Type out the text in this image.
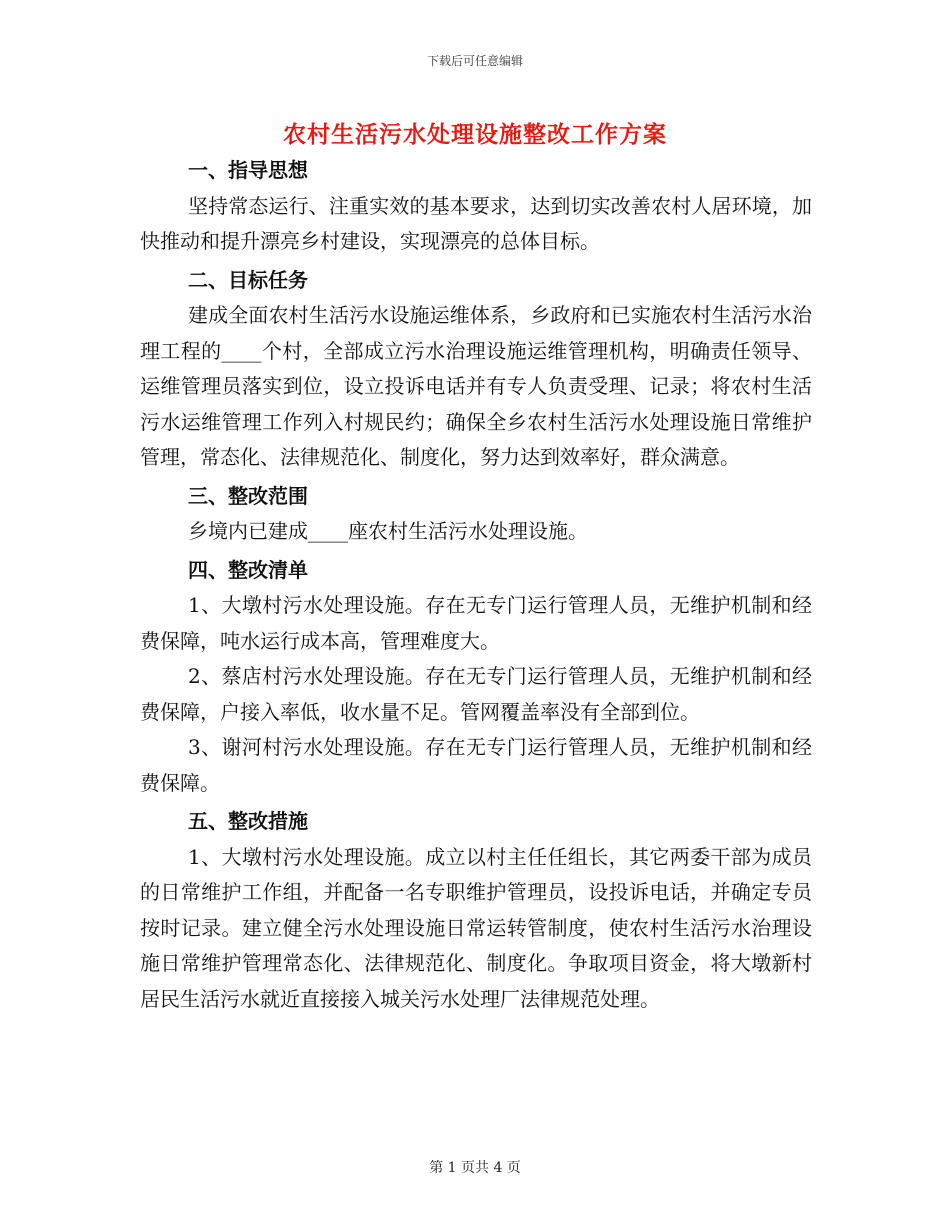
下载后可任意编辑
农村生活污水处理设施整改工作方案

一、指导思想

坚持常态运行、注重实效的基本要求，达到切实改善农村人居环境，加快推动和提升漂亮乡村建设，实现漂亮的总体目标。

二、目标任务

建成全面农村生活污水设施运维体系，乡政府和已实施农村生活污水治理工程的____个村，全部成立污水治理设施运维管理机构，明确责任领导、运维管理员落实到位，设立投诉电话并有专人负责受理、记录；将农村生活污水运维管理工作列入村规民约；确保全乡农村生活污水处理设施日常维护管理，常态化、法律规范化、制度化，努力达到效率好，群众满意。

三、整改范围

乡境内已建成____座农村生活污水处理设施。

四、整改清单

1、大墩村污水处理设施。存在无专门运行管理人员，无维护机制和经费保障，吨水运行成本高，管理难度大。

2、蔡店村污水处理设施。存在无专门运行管理人员，无维护机制和经费保障，户接入率低，收水量不足。管网覆盖率没有全部到位。

3、谢河村污水处理设施。存在无专门运行管理人员，无维护机制和经费保障。

五、整改措施

1、大墩村污水处理设施。成立以村主任任组长，其它两委干部为成员的日常维护工作组，并配备一名专职维护管理员，设投诉电话，并确定专员按时记录。建立健全污水处理设施日常运转管制度，使农村生活污水治理设施日常维护管理常态化、法律规范化、制度化。争取项目资金，将大墩新村居民生活污水就近直接接入城关污水处理厂法律规范处理。

第 1 页共 4 页
